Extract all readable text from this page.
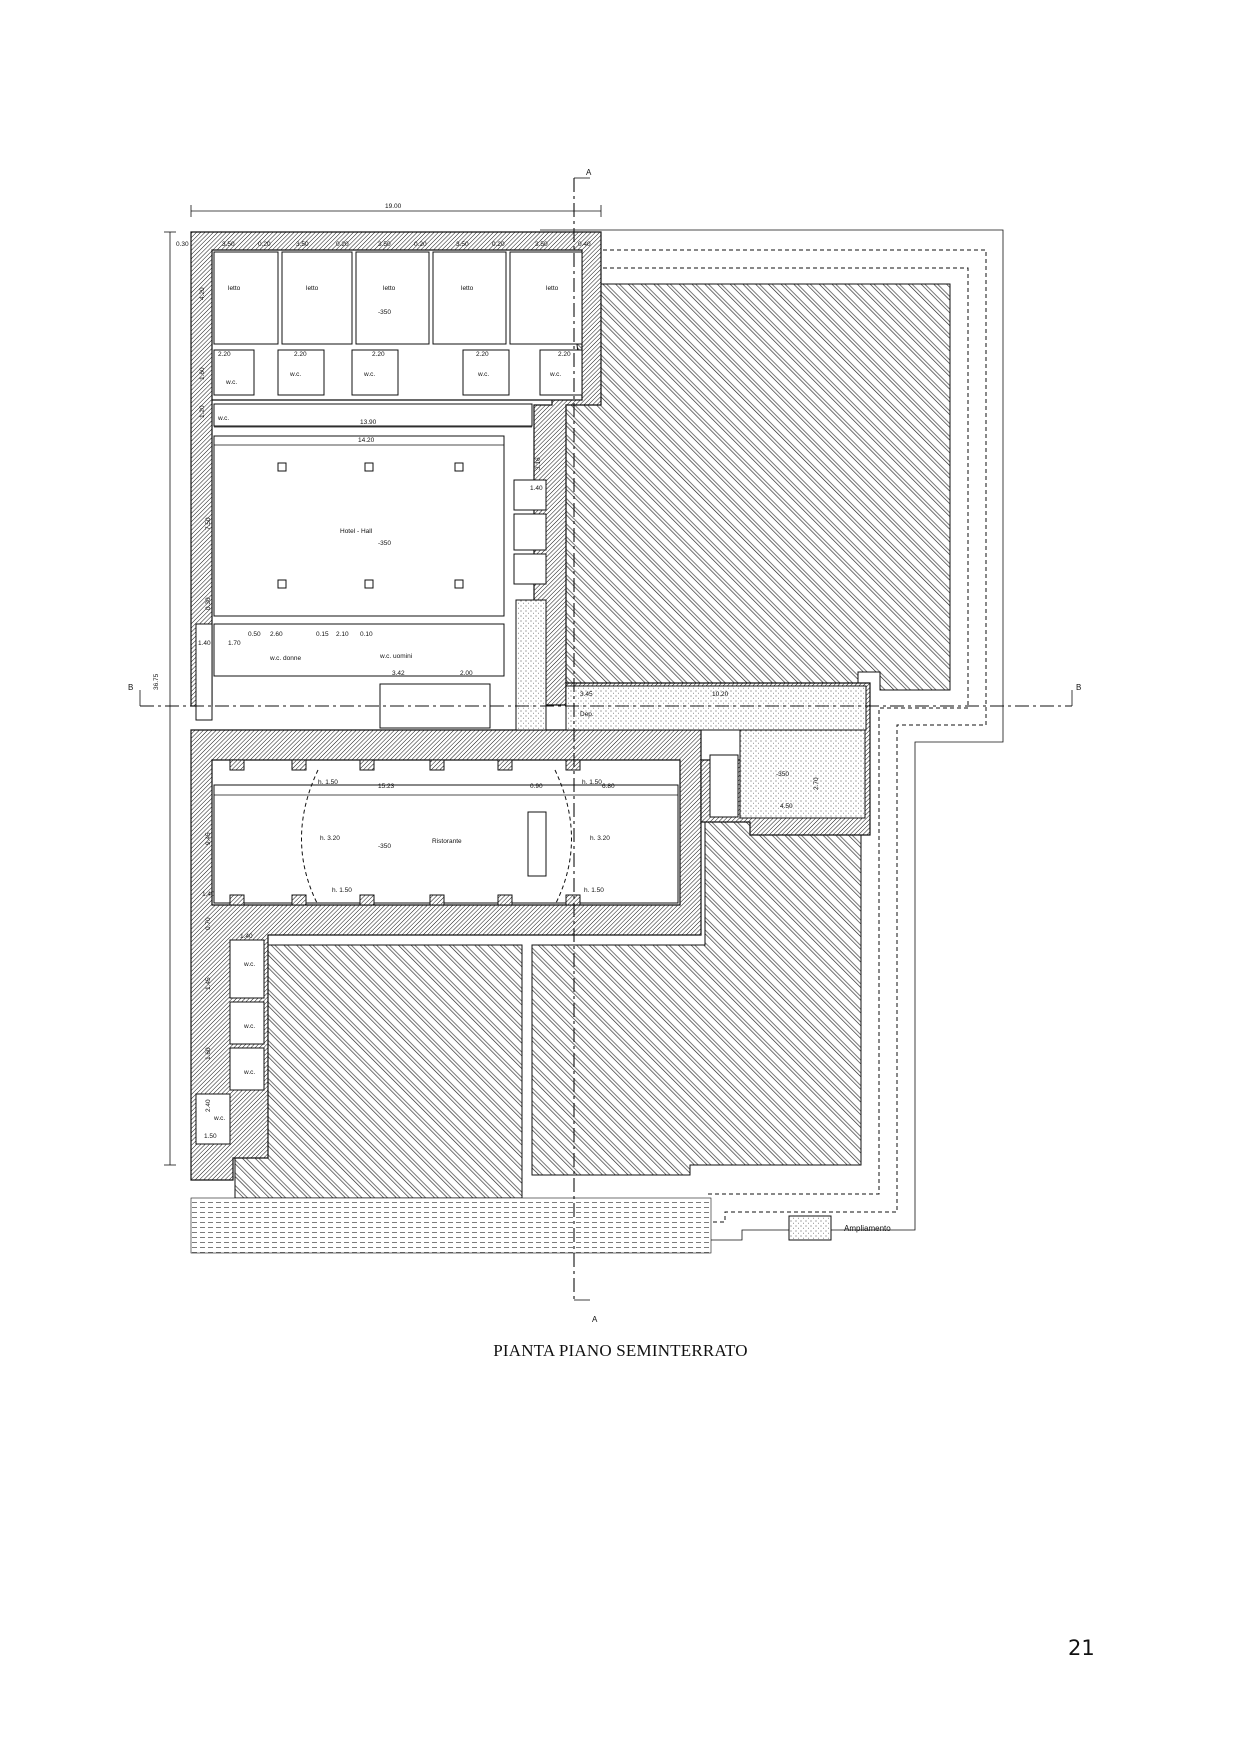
A
A
B	B
19.00
36.75
3.50	3.50	3.50	3.50	3.50
0.20	0.20	0.20	0.20
0.30	0.40
letto	letto	letto	letto	letto
-350
4.20
2.20	2.20	2.20	2.20	2.20
w.c.
w.c.	w.c.	w.c.	w.c.
w.c.
1.60
1.20
13.90
14.20
7.50
Hotel - Hall
-350
1.40
3.16
1.70
0.50 2.60	0.15 2.10 0.10
w.c. donne	w.c. uomini
3.42	2.00
1.40
0.30
3.45	10.20
Dep.
-350
4.50
2.70
15.23	0.90	6.80
h. 1.50	h. 1.50
h. 3.20	h. 3.20
h. 1.50	h. 1.50
Ristorante
-350
9.45
1.40
0.70
1.40
w.c.
w.c.
w.c.
w.c.
1.50
1.45
2.40
1.60
Ampliamento
PIANTA PIANO SEMINTERRATO
21
